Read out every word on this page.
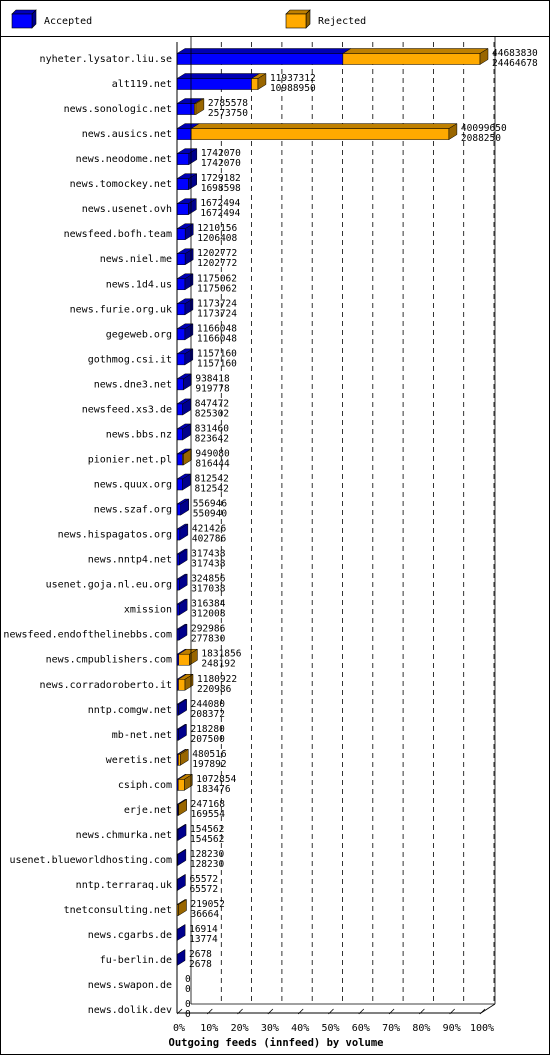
Accepted	Rejected
nyheter.lysator.liu.se
alt119.net
news.sonologic.net
news.ausics.net
news.neodome.net
news.tomockey.net
news.usenet.ovh
newsfeed.bofh.team
news.niel.me
news.1d4.us
news.furie.org.uk
gegeweb.org
gothmog.csi.it
news.dne3.net
newsfeed.xs3.de
news.bbs.nz
pionier.net.pl
news.quux.org
news.szaf.org
news.hispagatos.org
news.nntp4.net
usenet.goja.nl.eu.org
xmission
newsfeed.endofthelinebbs.com
news.cmpublishers.com
news.corradoroberto.it
nntp.comgw.net
mb-net.net
weretis.net
csiph.com
erje.net
news.chmurka.net
usenet.blueworldhosting.com
nntp.terraraq.uk
tnetconsulting.net
news.cgarbs.de
fu-berlin.de
news.swapon.de
news.dolik.dev
44683830
24464678
11937312
10988950
2785578
2573750
40099650
2088250
1742070
1742070
1729182
1698598
1672494
1672494
1210156
1206408
1202772
1202772
1175062
1175062
1173724
1173724
1166048
1166048
1157160
1157160
938418
919778
847472
825302
831460
823642
949080
816444
812542
812542
556946
550940
421426
402786
317438
317438
324856
317038
316384
312008
292986
277830
1831856
248192
1180922
220986
244080
208372
218280
207500
480516
197892
1072854
183476
247168
169554
154562
154562
128230
128230
65572
65572
219052
36664
16914
13774
2678
2678
0
0
0
0
0% 10% 20% 30% 40% 50% 60% 70% 80% 90% 100%
Outgoing feeds (innfeed) by volume
